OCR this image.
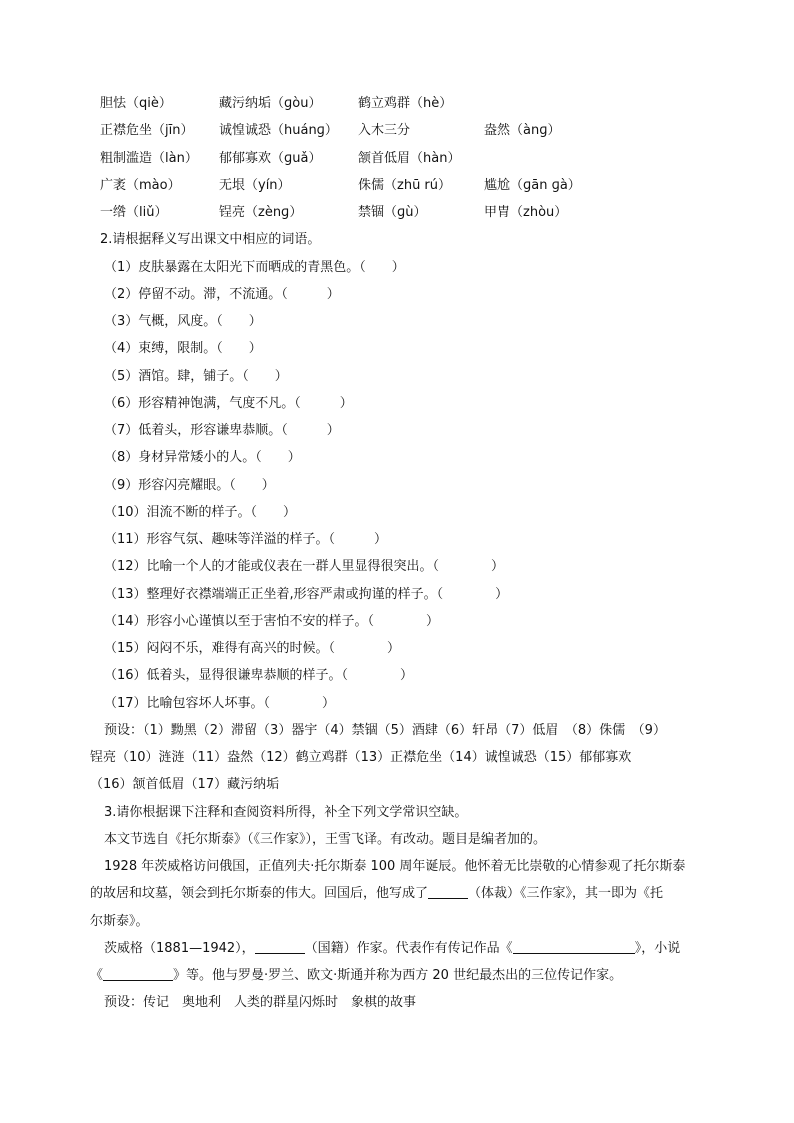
胆怯（qiè）	藏污纳垢（ɡòu）	鹤立鸡群（hè）
正襟危坐（jīn） 诚惶诚恐（huánɡ） 入木三分	盎然（ànɡ）
粗制滥造（làn） 郁郁寡欢（ɡuǎ）	颔首低眉（hàn）
广袤（mào）	无垠（yín）	侏儒（zhū rú）	尴尬（ɡān ɡà）
一绺（liǔ）	锃亮（zènɡ）	禁锢（ɡù）	甲胄（zhòu）
2.请根据释义写出课文中相应的词语。
（1）皮肤暴露在太阳光下而晒成的青黑色。（　　）
（2）停留不动。滞，不流通。（　　　）
（3）气概，风度。（　　）
（4）束缚，限制。（　　）
（5）酒馆。肆，铺子。（　　）
（6）形容精神饱满，气度不凡。（　　　）
（7）低着头，形容谦卑恭顺。（　　　）
（8）身材异常矮小的人。（　　）
（9）形容闪亮耀眼。（　　）
（10）泪流不断的样子。（　　）
（11）形容气氛、趣味等洋溢的样子。（　　　）
（12）比喻一个人的才能或仪表在一群人里显得很突出。（　　　　）
（13）整理好衣襟端端正正坐着,形容严肃或拘谨的样子。（　　　　）
（14）形容小心谨慎以至于害怕不安的样子。（　　　　）
（15）闷闷不乐，难得有高兴的时候。（　　　　）
（16）低着头，显得很谦卑恭顺的样子。（　　　　）
（17）比喻包容坏人坏事。（　　　　）
预设：（1）黝黑（2）滞留（3）器宇（4）禁锢（5）酒肆（6）轩昂（7）低眉　（8）侏儒　（9）
锃亮（10）涟涟（11）盎然（12）鹤立鸡群（13）正襟危坐（14）诚惶诚恐（15）郁郁寡欢
（16）颔首低眉（17）藏污纳垢
3.请你根据课下注释和查阅资料所得，补全下列文学常识空缺。
本文节选自《托尔斯泰》（《三作家》），王雪飞译。有改动。题目是编者加的。
1928 年茨威格访问俄国，正值列夫·托尔斯泰 100 周年诞辰。他怀着无比崇敬的心情参观了托尔斯泰
的故居和坟墓，领会到托尔斯泰的伟大。回国后，他写成了	（体裁）《三作家》，其一即为《托
尔斯泰》。
茨威格（1881—1942），	（国籍）作家。代表作有传记作品《	》，小说
《	》等。他与罗曼·罗兰、欧文·斯通并称为西方 20 世纪最杰出的三位传记作家。
预设：传记　奥地利　人类的群星闪烁时　象棋的故事
